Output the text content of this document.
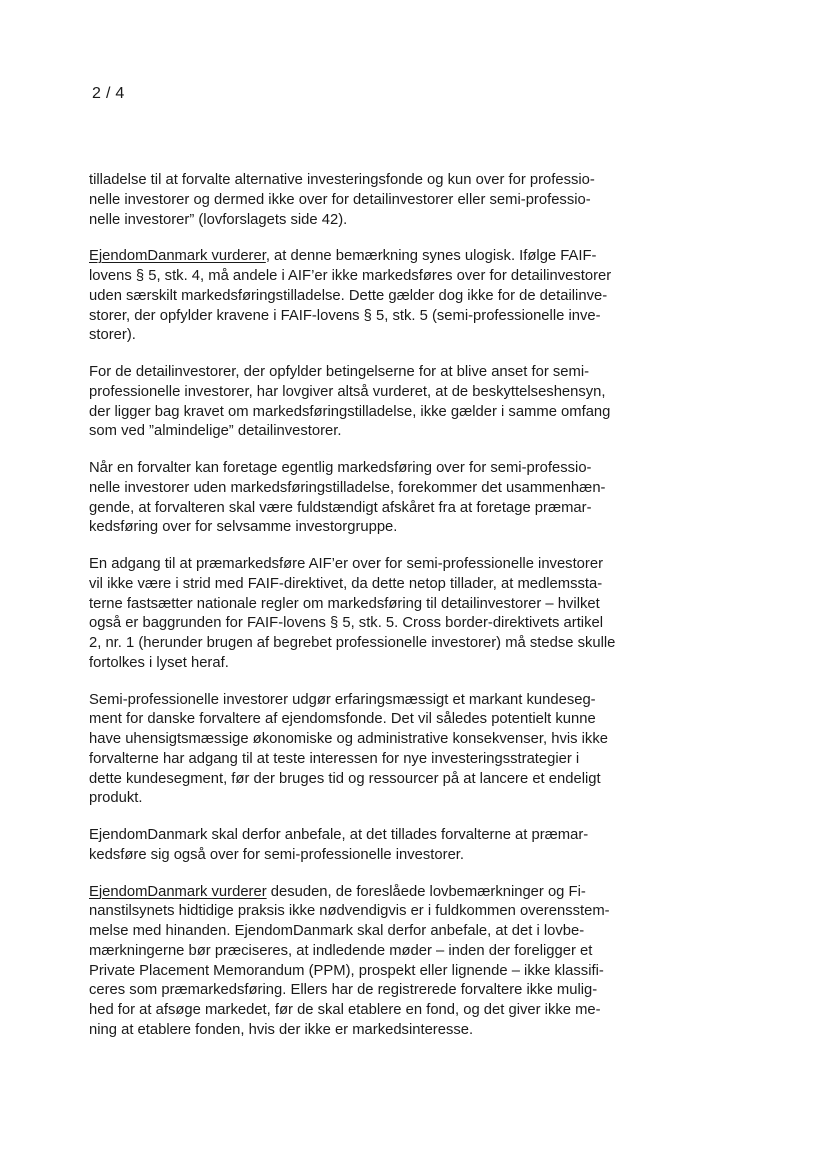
2 / 4
tilladelse til at forvalte alternative investeringsfonde og kun over for professio-
nelle investorer og dermed ikke over for detailinvestorer eller semi-professio-
nelle investorer” (lovforslagets side 42).
EjendomDanmark vurderer, at denne bemærkning synes ulogisk. Ifølge FAIF-
lovens § 5, stk. 4, må andele i AIF’er ikke markedsføres over for detailinvestorer
uden særskilt markedsføringstilladelse. Dette gælder dog ikke for de detailinve-
storer, der opfylder kravene i FAIF-lovens § 5, stk. 5 (semi-professionelle inve-
storer).
For de detailinvestorer, der opfylder betingelserne for at blive anset for semi-
professionelle investorer, har lovgiver altså vurderet, at de beskyttelseshensyn,
der ligger bag kravet om markedsføringstilladelse, ikke gælder i samme omfang
som ved ”almindelige” detailinvestorer.
Når en forvalter kan foretage egentlig markedsføring over for semi-professio-
nelle investorer uden markedsføringstilladelse, forekommer det usammenhæn-
gende, at forvalteren skal være fuldstændigt afskåret fra at foretage præmar-
kedsføring over for selvsamme investorgruppe.
En adgang til at præmarkedsføre AIF’er over for semi-professionelle investorer
vil ikke være i strid med FAIF-direktivet, da dette netop tillader, at medlemssta-
terne fastsætter nationale regler om markedsføring til detailinvestorer – hvilket
også er baggrunden for FAIF-lovens § 5, stk. 5. Cross border-direktivets artikel
2, nr. 1 (herunder brugen af begrebet professionelle investorer) må stedse skulle
fortolkes i lyset heraf.
Semi-professionelle investorer udgør erfaringsmæssigt et markant kundeseg-
ment for danske forvaltere af ejendomsfonde. Det vil således potentielt kunne
have uhensigtsmæssige økonomiske og administrative konsekvenser, hvis ikke
forvalterne har adgang til at teste interessen for nye investeringsstrategier i
dette kundesegment, før der bruges tid og ressourcer på at lancere et endeligt
produkt.
EjendomDanmark skal derfor anbefale, at det tillades forvalterne at præmar-
kedsføre sig også over for semi-professionelle investorer.
EjendomDanmark vurderer desuden, de foreslåede lovbemærkninger og Fi-
nanstilsynets hidtidige praksis ikke nødvendigvis er i fuldkommen overensstem-
melse med hinanden. EjendomDanmark skal derfor anbefale, at det i lovbe-
mærkningerne bør præciseres, at indledende møder – inden der foreligger et
Private Placement Memorandum (PPM), prospekt eller lignende – ikke klassifi-
ceres som præmarkedsføring. Ellers har de registrerede forvaltere ikke mulig-
hed for at afsøge markedet, før de skal etablere en fond, og det giver ikke me-
ning at etablere fonden, hvis der ikke er markedsinteresse.
